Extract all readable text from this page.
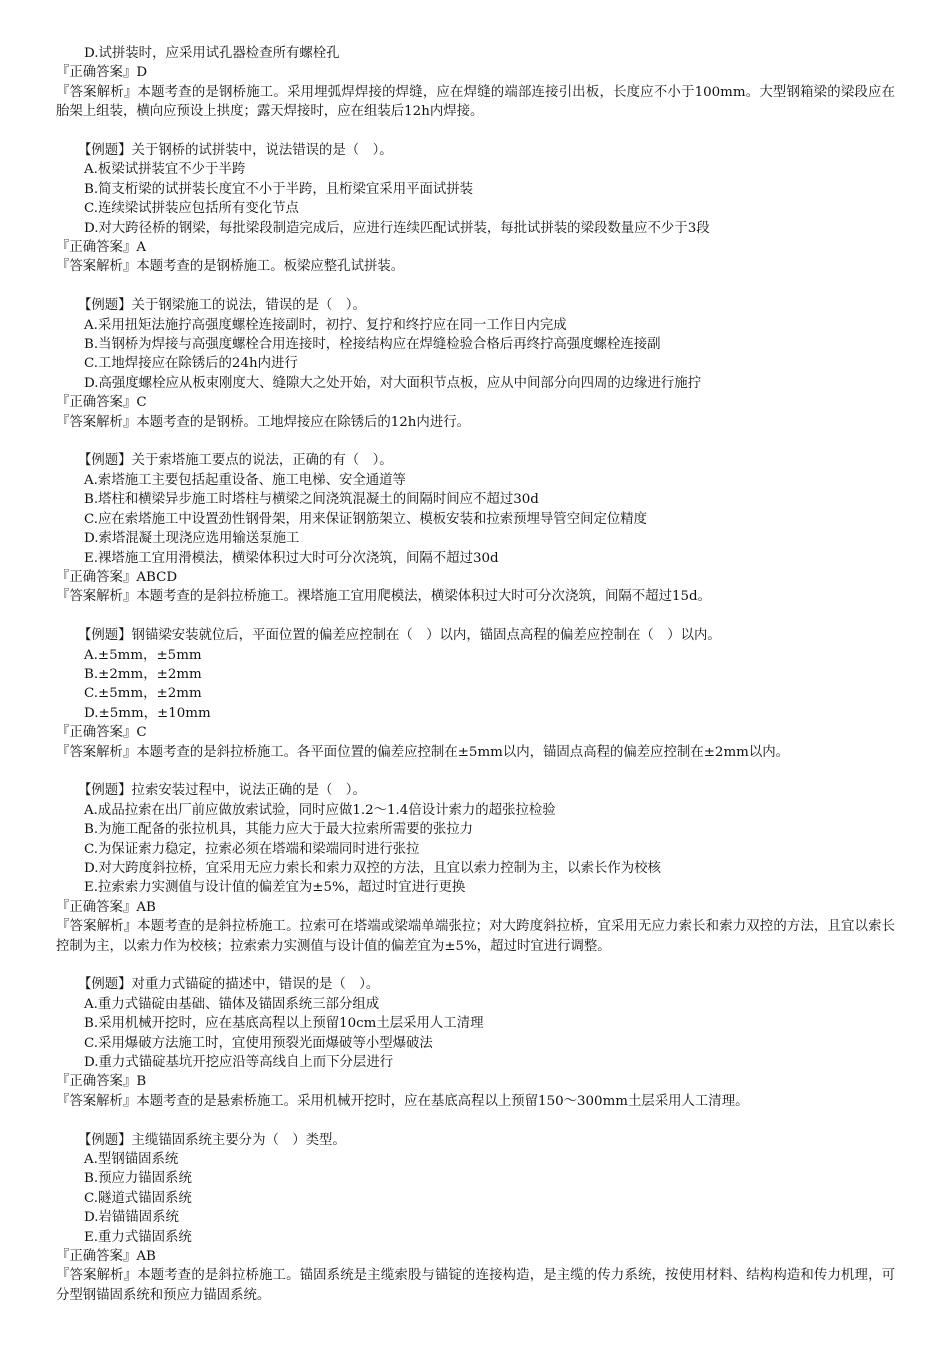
D.试拼装时，应采用试孔器检查所有螺栓孔
『正确答案』D
『答案解析』本题考查的是钢桥施工。采用埋弧焊焊接的焊缝，应在焊缝的端部连接引出板，长度应不小于100mm。大型钢箱梁的梁段应在胎架上组装，横向应预设上拱度；露天焊接时，应在组装后12h内焊接。
【例题】关于钢桥的试拼装中，说法错误的是（　）。
A.板梁试拼装宜不少于半跨
B.简支桁梁的试拼装长度宜不小于半跨，且桁梁宜采用平面试拼装
C.连续梁试拼装应包括所有变化节点
D.对大跨径桥的钢梁，每批梁段制造完成后，应进行连续匹配试拼装，每批试拼装的梁段数量应不少于3段
『正确答案』A
『答案解析』本题考查的是钢桥施工。板梁应整孔试拼装。
【例题】关于钢梁施工的说法，错误的是（　）。
A.采用扭矩法施拧高强度螺栓连接副时，初拧、复拧和终拧应在同一工作日内完成
B.当钢桥为焊接与高强度螺栓合用连接时，栓接结构应在焊缝检验合格后再终拧高强度螺栓连接副
C.工地焊接应在除锈后的24h内进行
D.高强度螺栓应从板束刚度大、缝隙大之处开始，对大面积节点板，应从中间部分向四周的边缘进行施拧
『正确答案』C
『答案解析』本题考查的是钢桥。工地焊接应在除锈后的12h内进行。
【例题】关于索塔施工要点的说法，正确的有（　）。
A.索塔施工主要包括起重设备、施工电梯、安全通道等
B.塔柱和横梁异步施工时塔柱与横梁之间浇筑混凝土的间隔时间应不超过30d
C.应在索塔施工中设置劲性钢骨架，用来保证钢筋架立、模板安装和拉索预埋导管空间定位精度
D.索塔混凝土现浇应选用输送泵施工
E.裸塔施工宜用滑模法，横梁体积过大时可分次浇筑，间隔不超过30d
『正确答案』ABCD
『答案解析』本题考查的是斜拉桥施工。裸塔施工宜用爬模法，横梁体积过大时可分次浇筑，间隔不超过15d。
【例题】钢锚梁安装就位后，平面位置的偏差应控制在（　）以内，锚固点高程的偏差应控制在（　）以内。
A.±5mm，±5mm
B.±2mm，±2mm
C.±5mm，±2mm
D.±5mm，±10mm
『正确答案』C
『答案解析』本题考查的是斜拉桥施工。各平面位置的偏差应控制在±5mm以内，锚固点高程的偏差应控制在±2mm以内。
【例题】拉索安装过程中，说法正确的是（　）。
A.成品拉索在出厂前应做放索试验，同时应做1.2～1.4倍设计索力的超张拉检验
B.为施工配备的张拉机具，其能力应大于最大拉索所需要的张拉力
C.为保证索力稳定，拉索必须在塔端和梁端同时进行张拉
D.对大跨度斜拉桥，宜采用无应力索长和索力双控的方法，且宜以索力控制为主，以索长作为校核
E.拉索索力实测值与设计值的偏差宜为±5%，超过时宜进行更换
『正确答案』AB
『答案解析』本题考查的是斜拉桥施工。拉索可在塔端或梁端单端张拉；对大跨度斜拉桥，宜采用无应力索长和索力双控的方法，且宜以索长控制为主，以索力作为校核；拉索索力实测值与设计值的偏差宜为±5%，超过时宜进行调整。
【例题】对重力式锚碇的描述中，错误的是（　）。
A.重力式锚碇由基础、锚体及锚固系统三部分组成
B.采用机械开挖时，应在基底高程以上预留10cm土层采用人工清理
C.采用爆破方法施工时，宜使用预裂光面爆破等小型爆破法
D.重力式锚碇基坑开挖应沿等高线自上而下分层进行
『正确答案』B
『答案解析』本题考查的是悬索桥施工。采用机械开挖时，应在基底高程以上预留150～300mm土层采用人工清理。
【例题】主缆锚固系统主要分为（　）类型。
A.型钢锚固系统
B.预应力锚固系统
C.隧道式锚固系统
D.岩锚锚固系统
E.重力式锚固系统
『正确答案』AB
『答案解析』本题考查的是斜拉桥施工。锚固系统是主缆索股与锚锭的连接构造，是主缆的传力系统，按使用材料、结构构造和传力机理，可分型钢锚固系统和预应力锚固系统。
